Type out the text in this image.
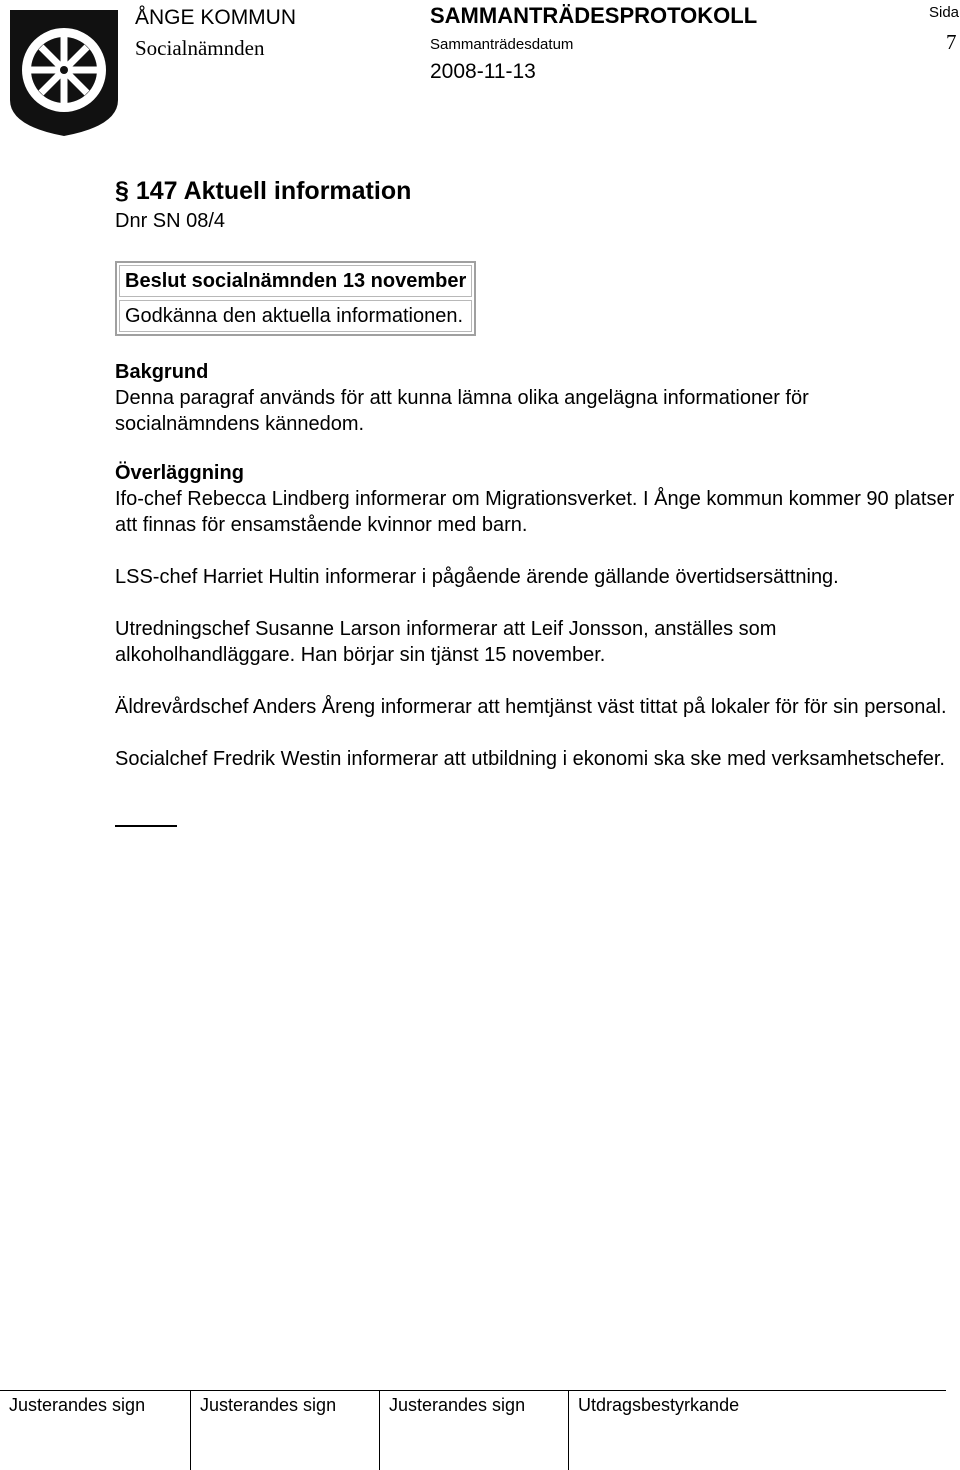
ÅNGE KOMMUN
Socialnämnden
SAMMANTRÄDESPROTOKOLL
Sammanträdesdatum
2008-11-13
Sida
7
§ 147 Aktuell information
Dnr SN 08/4
Beslut socialnämnden 13 november
Godkänna den aktuella informationen.
Bakgrund

Denna paragraf används för att kunna lämna olika angelägna informationer för socialnämndens kännedom.

Överläggning

Ifo-chef Rebecca Lindberg informerar om Migrationsverket. I Ånge kommun kommer 90 platser att finnas för ensamstående kvinnor med barn.

LSS-chef Harriet Hultin informerar i pågående ärende gällande övertidsersättning.

Utredningschef Susanne Larson informerar att Leif Jonsson, anställes som alkoholhandläggare. Han börjar sin tjänst 15 november.

Äldrevårdschef Anders Åreng informerar att hemtjänst väst tittat på lokaler för för sin personal.

Socialchef Fredrik Westin informerar att utbildning i ekonomi ska ske med verksamhetschefer.

Justerandes sign	Justerandes sign	Justerandes sign	Utdragsbestyrkande
